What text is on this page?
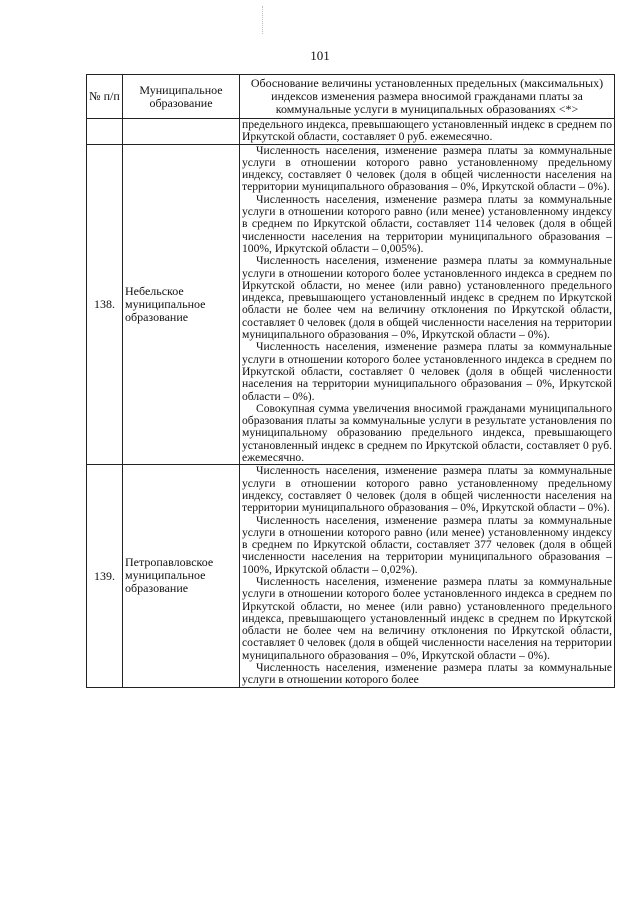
101
№ п/п	Муниципальное образование	Обоснование величины установленных предельных (максимальных) индексов изменения размера вносимой гражданами платы за коммунальные услуги в муниципальных образованиях <*>

		предельного индекса, превышающего установленный индекс в среднем по Иркутской области, составляет 0 руб. ежемесячно.

138.	Небельское муниципальное образование	Численность населения, изменение размера платы за коммунальные услуги в отношении которого равно установленному предельному индексу, составляет 0 человек (доля в общей численности населения на территории муниципального образования – 0%, Иркутской области – 0%).

Численность населения, изменение размера платы за коммунальные услуги в отношении которого равно (или менее) установленному индексу в среднем по Иркутской области, составляет 114 человек (доля в общей численности населения на территории муниципального образования – 100%, Иркутской области – 0,005%).

Численность населения, изменение размера платы за коммунальные услуги в отношении которого более установленного индекса в среднем по Иркутской области, но менее (или равно) установленного предельного индекса, превышающего установленный индекс в среднем по Иркутской области не более чем на величину отклонения по Иркутской области, составляет 0 человек (доля в общей численности населения на территории муниципального образования – 0%, Иркутской области – 0%).

Численность населения, изменение размера платы за коммунальные услуги в отношении которого более установленного индекса в среднем по Иркутской области, составляет 0 человек (доля в общей численности населения на территории муниципального образования – 0%, Иркутской области – 0%).

Совокупная сумма увеличения вносимой гражданами муниципального образования платы за коммунальные услуги в результате установления по муниципальному образованию предельного индекса, превышающего установленный индекс в среднем по Иркутской области, составляет 0 руб. ежемесячно.

139.	Петропавловское муниципальное образование	Численность населения, изменение размера платы за коммунальные услуги в отношении которого равно установленному предельному индексу, составляет 0 человек (доля в общей численности населения на территории муниципального образования – 0%, Иркутской области – 0%).

Численность населения, изменение размера платы за коммунальные услуги в отношении которого равно (или менее) установленному индексу в среднем по Иркутской области, составляет 377 человек (доля в общей численности населения на территории муниципального образования – 100%, Иркутской области – 0,02%).

Численность населения, изменение размера платы за коммунальные услуги в отношении которого более установленного индекса в среднем по Иркутской области, но менее (или равно) установленного предельного индекса, превышающего установленный индекс в среднем по Иркутской области не более чем на величину отклонения по Иркутской области, составляет 0 человек (доля в общей численности населения на территории муниципального образования – 0%, Иркутской области – 0%).

Численность населения, изменение размера платы за коммунальные услуги в отношении которого более
